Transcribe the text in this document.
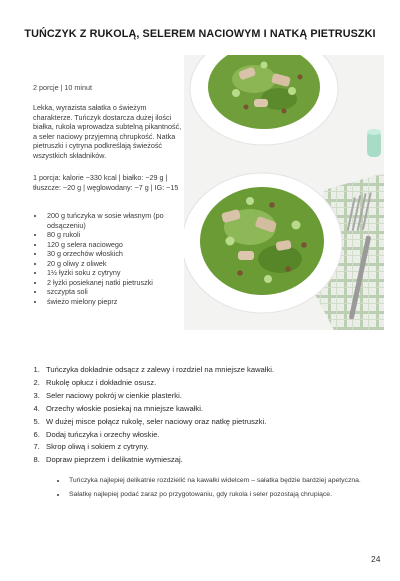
TUŃCZYK Z RUKOLĄ, SELEREM NACIOWYM I NATKĄ PIETRUSZKI
2 porcje | 10 minut

Lekka, wyrazista sałatka o świeżym charakterze. Tuńczyk dostarcza dużej ilości białka, rukola wprowadza subtelną pikantność, a seler naciowy przyjemną chrupkość. Natka pietruszki i cytryna podkreślają świeżość wszystkich składników.

1 porcja: kalorie ~330 kcal | białko: ~29 g | tłuszcze: ~20 g | węglowodany: ~7 g | IG: ~15

• 200 g tuńczyka w sosie własnym (po odsączeniu)
• 80 g rukoli
• 120 g selera naciowego
• 30 g orzechów włoskich
• 20 g oliwy z oliwek
• 1½ łyżki soku z cytryny
• 2 łyżki posiekanej natki pietruszki
• szczypta soli
• świeżo mielony pieprz
1. Tuńczyka dokładnie odsącz z zalewy i rozdziel na mniejsze kawałki.
2. Rukolę opłucz i dokładnie osusz.
3. Seler naciowy pokrój w cienkie plasterki.
4. Orzechy włoskie posiekaj na mniejsze kawałki.
5. W dużej misce połącz rukolę, seler naciowy oraz natkę pietruszki.
6. Dodaj tuńczyka i orzechy włoskie.
7. Skrop oliwą i sokiem z cytryny.
8. Dopraw pieprzem i delikatnie wymieszaj.
• Tuńczyka najlepiej delikatnie rozdzielić na kawałki widelcem – sałatka będzie bardziej apetyczna.
• Sałatkę najlepiej podać zaraz po przygotowaniu, gdy rukola i seler pozostają chrupiące.
24
